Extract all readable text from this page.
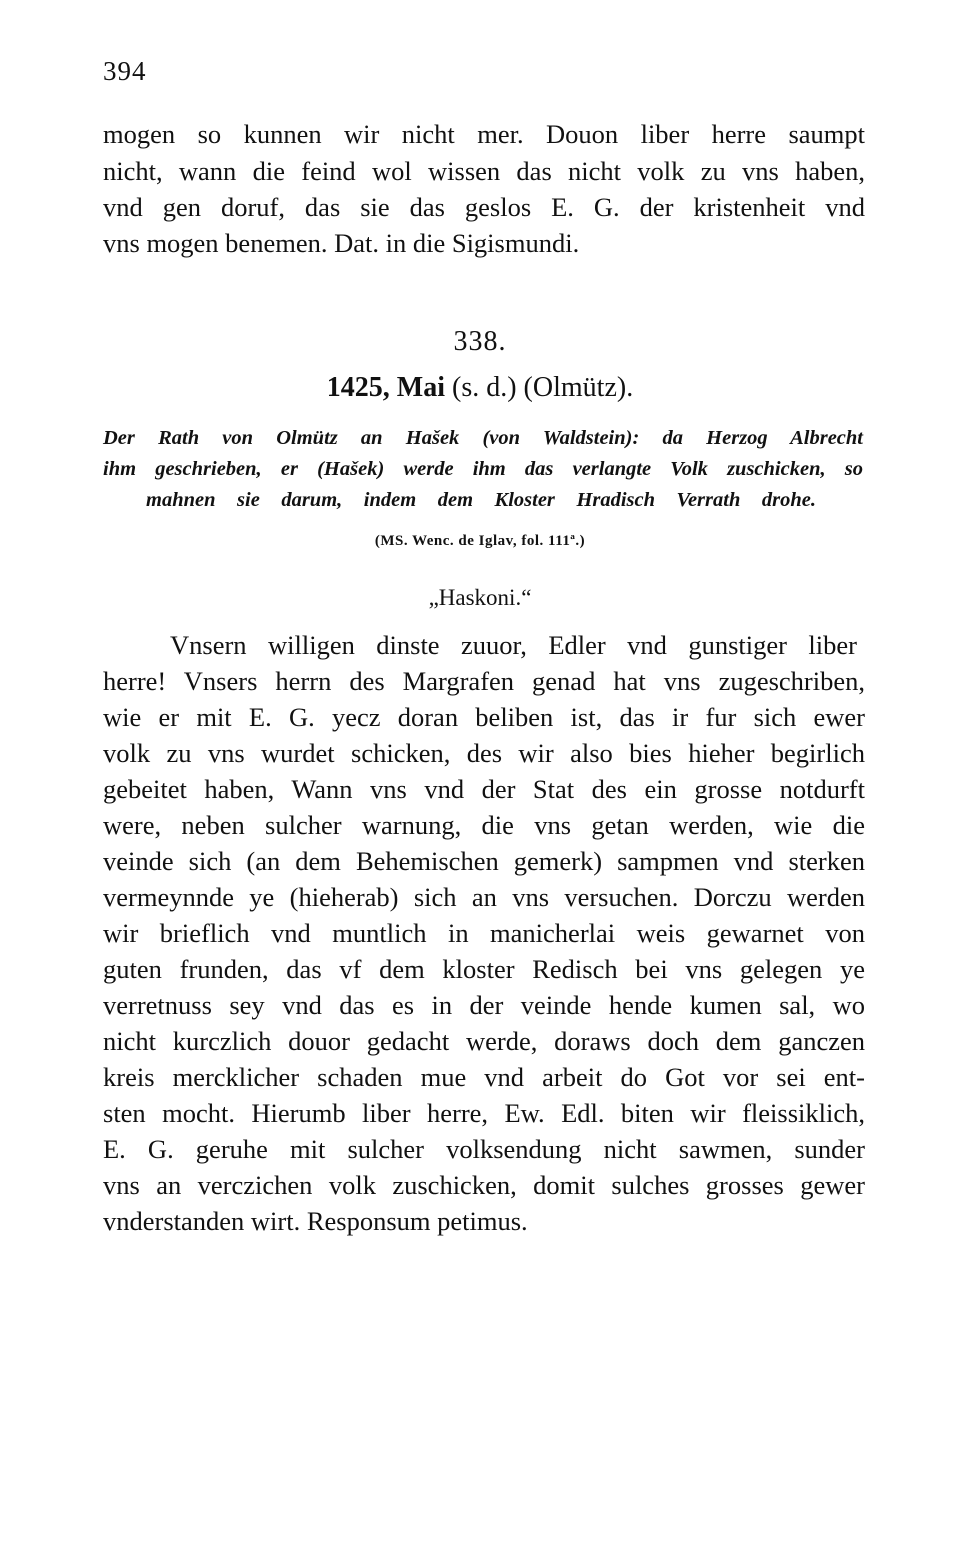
394
mogen so kunnen wir nicht mer. Douon liber herre saumpt
nicht, wann die feind wol wissen das nicht volk zu vns haben,
vnd gen doruf, das sie das geslos E. G. der kristenheit vnd
vns mogen benemen. Dat. in die Sigismundi.
338.
1425, Mai (s. d.) (Olmütz).
Der Rath von Olmütz an Hašek (von Waldstein): da Herzog Albrecht
ihm geschrieben, er (Hašek) werde ihm das verlangte Volk zuschicken, so
mahnen sie darum, indem dem Kloster Hradisch Verrath drohe.
(MS. Wenc. de Iglav, fol. 111ª.)
„Haskoni.“
Vnsern willigen dinste zuuor, Edler vnd gunstiger liber
herre! Vnsers herrn des Margrafen genad hat vns zugeschriben,
wie er mit E. G. yecz doran beliben ist, das ir fur sich ewer
volk zu vns wurdet schicken, des wir also bies hieher begirlich
gebeitet haben, Wann vns vnd der Stat des ein grosse notdurft
were, neben sulcher warnung, die vns getan werden, wie die
veinde sich (an dem Behemischen gemerk) sampmen vnd sterken
vermeynnde ye (hieherab) sich an vns versuchen. Dorczu werden
wir brieflich vnd muntlich in manicherlai weis gewarnet von
guten frunden, das vf dem kloster Redisch bei vns gelegen ye
verretnuss sey vnd das es in der veinde hende kumen sal, wo
nicht kurczlich douor gedacht werde, doraws doch dem ganczen
kreis mercklicher schaden mue vnd arbeit do Got vor sei ent-
sten mocht. Hierumb liber herre, Ew. Edl. biten wir fleissiklich,
E. G. geruhe mit sulcher volksendung nicht sawmen, sunder
vns an verczichen volk zuschicken, domit sulches grosses gewer
vnderstanden wirt. Responsum petimus.
